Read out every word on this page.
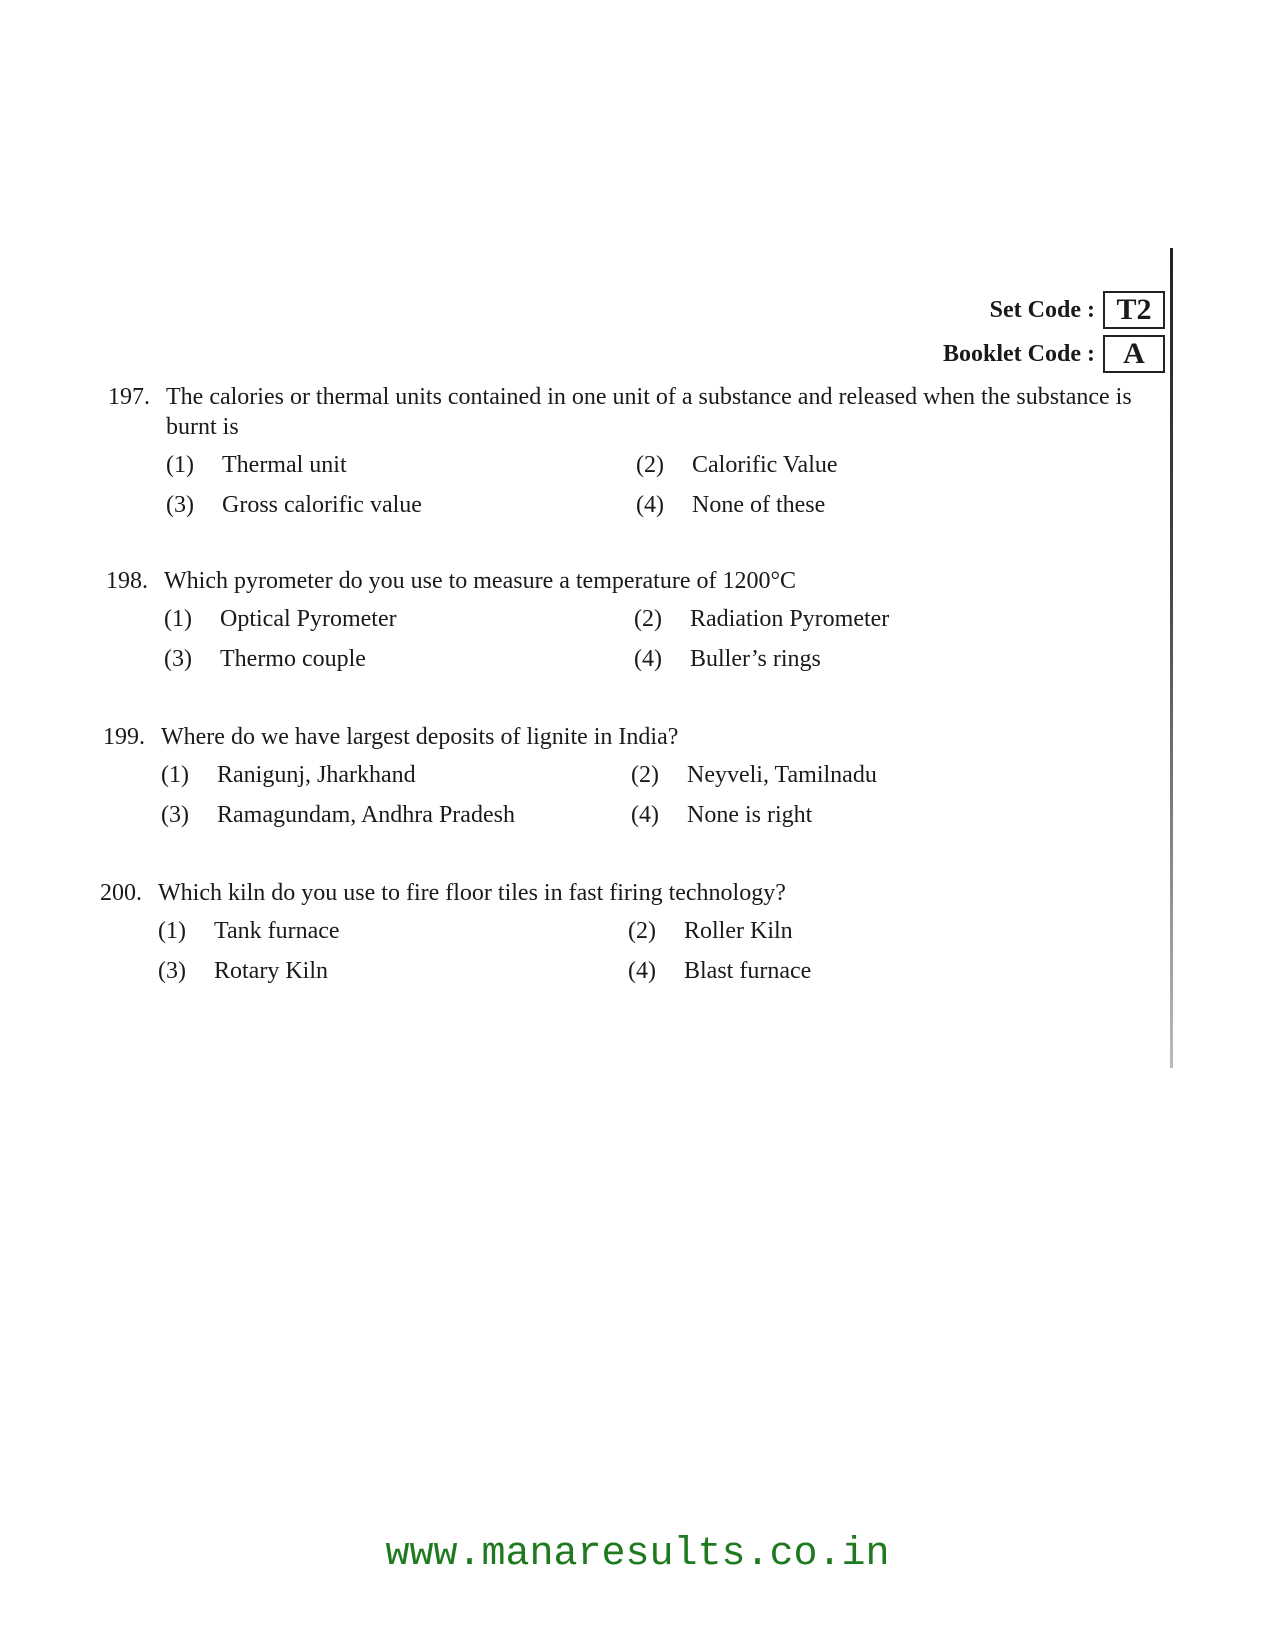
Set Code : T2
Booklet Code : A
197. The calories or thermal units contained in one unit of a substance and released when the substance is burnt is
(1)	Thermal unit	(2)	Calorific Value
(3)	Gross calorific value	(4)	None of these
198. Which pyrometer do you use to measure a temperature of 1200°C
(1)	Optical Pyrometer	(2)	Radiation Pyrometer
(3)	Thermo couple	(4)	Buller’s rings
199. Where do we have largest deposits of lignite in India?
(1)	Ranigunj, Jharkhand	(2)	Neyveli, Tamilnadu
(3)	Ramagundam, Andhra Pradesh	(4)	None is right
200. Which kiln do you use to fire floor tiles in fast firing technology?
(1)	Tank furnace	(2)	Roller Kiln
(3)	Rotary Kiln	(4)	Blast furnace
www.manaresults.co.in
